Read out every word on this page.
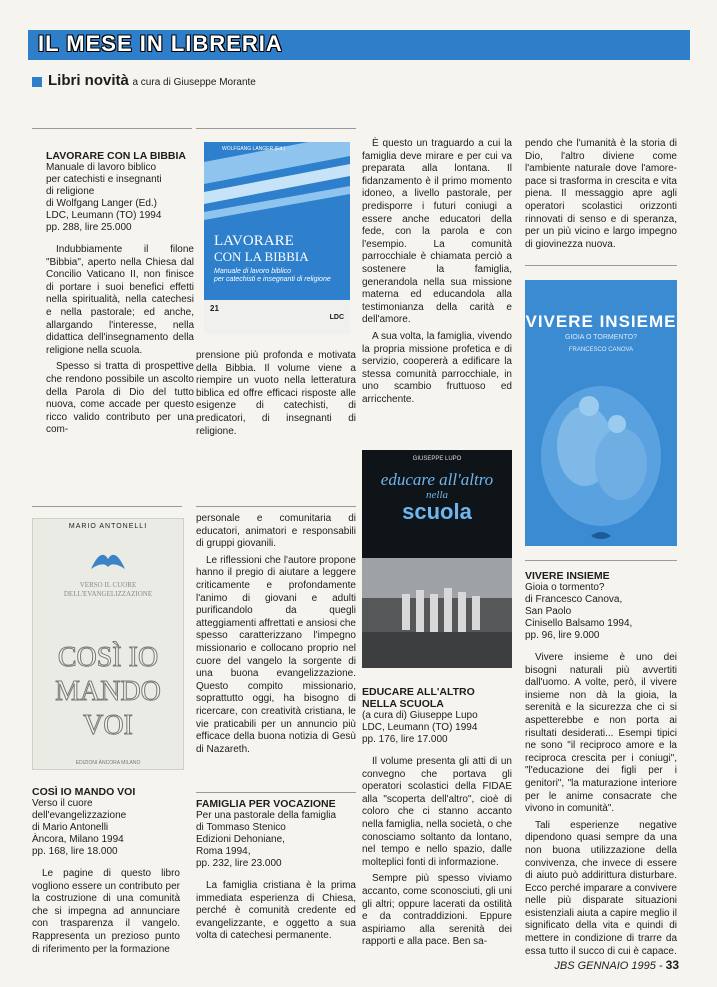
IL MESE IN LIBRERIA
Libri novità a cura di Giuseppe Morante
LAVORARE CON LA BIBBIA
Manuale di lavoro biblico
per catechisti e insegnanti
di religione
di Wolfgang Langer (Ed.)
LDC, Leumann (TO) 1994
pp. 288, lire 25.000

Indubbiamente il filone "Bibbia", aperto nella Chiesa dal Concilio Vaticano II, non finisce di portare i suoi benefici effetti nella spiritualità, nella catechesi e nella pastorale; ed anche, allargando l'interesse, nella didattica dell'insegnamento della religione nella scuola.

Spesso si tratta di prospettive che rendono possibile un ascolto della Parola di Dio del tutto nuova, come accade per questo ricco valido contributo per una com-

WOLFGANG LANGER (Ed.)
LAVORARE
CON LA BIBBIA
Manuale di lavoro biblico
per catechisti e insegnanti di religione
21
LDC

prensione più profonda e motivata della Bibbia. Il volume viene a riempire un vuoto nella letteratura biblica ed offre efficaci risposte alle esigenze di catechisti, di predicatori, di insegnanti di religione.

MARIO ANTONELLI
VERSO IL CUORE
DELL'EVANGELIZZAZIONE
COSÌ IO
MANDO
VOI
EDIZIONI ÀNCORA MILANO
COSÌ IO MANDO VOI
Verso il cuore
dell'evangelizzazione
di Mario Antonelli
Àncora, Milano 1994
pp. 168, lire 18.000

Le pagine di questo libro vogliono essere un contributo per la costruzione di una comunità che si impegna ad annunciare con trasparenza il vangelo. Rappresenta un prezioso punto di riferimento per la formazione

personale e comunitaria di educatori, animatori e responsabili di gruppi giovanili.

Le riflessioni che l'autore propone hanno il pregio di aiutare a leggere criticamente e profondamente l'animo di giovani e adulti purificandolo da quegli atteggiamenti affrettati e ansiosi che spesso caratterizzano l'impegno missionario e collocano proprio nel cuore del vangelo la sorgente di una buona evangelizzazione. Questo compito missionario, soprattutto oggi, ha bisogno di ricercare, con creatività cristiana, le vie praticabili per un annuncio più efficace della buona notizia di Gesù di Nazareth.

FAMIGLIA PER VOCAZIONE
Per una pastorale della famiglia
di Tommaso Stenico
Edizioni Dehoniane,
Roma 1994,
pp. 232, lire 23.000

La famiglia cristiana è la prima immediata esperienza di Chiesa, perché è comunità credente ed evangelizzante, e oggetto a sua volta di catechesi permanente.

È questo un traguardo a cui la famiglia deve mirare e per cui va preparata alla lontana. Il fidanzamento è il primo momento idoneo, a livello pastorale, per predisporre i futuri coniugi a essere anche educatori della fede, con la parola e con l'esempio. La comunità parrocchiale è chiamata perciò a sostenere la famiglia, generandola nella sua missione materna ed educandola alla testimonianza della carità e dell'amore.

A sua volta, la famiglia, vivendo la propria missione profetica e di servizio, coopererà a edificare la stessa comunità parrocchiale, in uno scambio fruttuoso ed arricchente.

GIUSEPPE LUPO
educare all'altro
nella
scuola
EDUCARE ALL'ALTRO
NELLA SCUOLA
(a cura di) Giuseppe Lupo
LDC, Leumann (TO) 1994
pp. 176, lire 17.000

Il volume presenta gli atti di un convegno che portava gli operatori scolastici della FIDAE alla "scoperta dell'altro", cioè di coloro che ci stanno accanto nella famiglia, nella società, o che conosciamo soltanto da lontano, nel tempo e nello spazio, dalle molteplici fonti di informazione.

Sempre più spesso viviamo accanto, come sconosciuti, gli uni gli altri; oppure lacerati da ostilità e da contraddizioni. Eppure aspiriamo alla serenità dei rapporti e alla pace. Ben sa-

pendo che l'umanità è la storia di Dio, l'altro diviene come l'ambiente naturale dove l'amore-pace si trasforma in crescita e vita piena. Il messaggio apre agli operatori scolastici orizzonti rinnovati di senso e di speranza, per un più vicino e largo impegno di giovinezza nuova.

VIVERE INSIEME
GIOIA O TORMENTO?
FRANCESCO CANOVA
VIVERE INSIEME
Gioia o tormento?
di Francesco Canova,
San Paolo
Cinisello Balsamo 1994,
pp. 96, lire 9.000

Vivere insieme è uno dei bisogni naturali più avvertiti dall'uomo. A volte, però, il vivere insieme non dà la gioia, la serenità e la sicurezza che ci si aspetterebbe e non porta ai risultati desiderati... Esempi tipici ne sono "il reciproco amore e la reciproca crescita per i coniugi", "l'educazione dei figli per i genitori", "la maturazione interiore per le anime consacrate che vivono in comunità".

Tali esperienze negative dipendono quasi sempre da una non buona utilizzazione della convivenza, che invece di essere di aiuto può addirittura disturbare. Ecco perché imparare a convivere nelle più disparate situazioni esistenziali aiuta a capire meglio il significato della vita e quindi di mettere in condizione di trarre da essa tutto il succo di cui è capace.

JBS GENNAIO 1995 - 33
